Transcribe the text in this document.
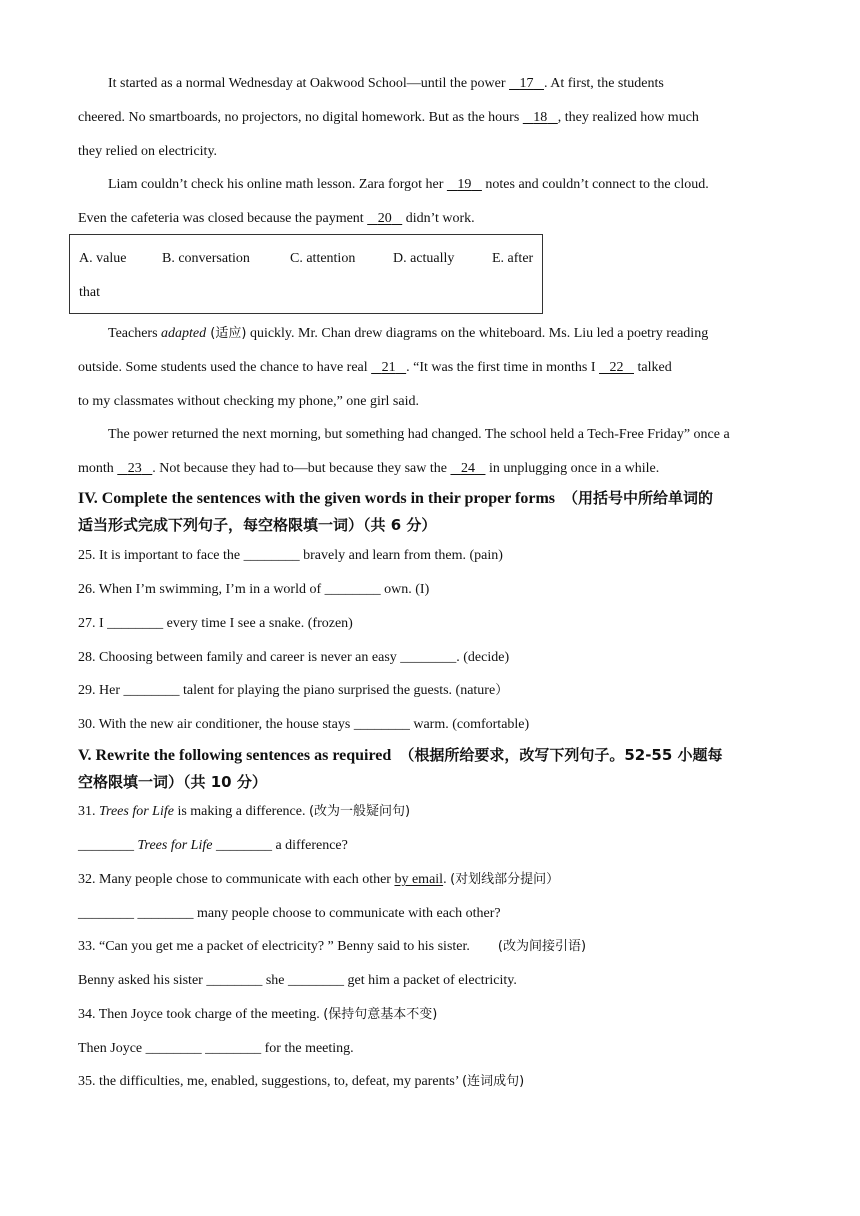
It started as a normal Wednesday at Oakwood School—until the power 17 . At first, the students
cheered. No smartboards, no projectors, no digital homework. But as the hours 18 , they realized how much
they relied on electricity.
Liam couldn’t check his online math lesson. Zara forgot her 19 notes and couldn’t connect to the cloud.
Even the cafeteria was closed because the payment 20 didn’t work.
A. value	B. conversation	C. attention	D. actually	E. after
that
Teachers adapted (适应) quickly. Mr. Chan drew diagrams on the whiteboard. Ms. Liu led a poetry reading
outside. Some students used the chance to have real 21 . “It was the first time in months I 22 talked
to my classmates without checking my phone,” one girl said.
The power returned the next morning, but something had changed. The school held a Tech-Free Friday” once a
month 23 . Not because they had to—but because they saw the 24 in unplugging once in a while.
IV. Complete the sentences with the given words in their proper forms （用括号中所给单词的
适当形式完成下列句子，每空格限填一词）（共 6 分）
25. It is important to face the ________ bravely and learn from them. (pain)
26. When I’m swimming, I’m in a world of ________ own. (I)
27. I ________ every time I see a snake. (frozen)
28. Choosing between family and career is never an easy ________. (decide)
29. Her ________ talent for playing the piano surprised the guests. (nature）
30. With the new air conditioner, the house stays ________ warm. (comfortable)
V. Rewrite the following sentences as required （根据所给要求，改写下列句子。52-55 小题每
空格限填一词）（共 10 分）
31. Trees for Life is making a difference. (改为一般疑问句)
________ Trees for Life ________ a difference?
32. Many people chose to communicate with each other by email. (对划线部分提问）
________ ________ many people choose to communicate with each other?
33. “Can you get me a packet of electricity? ” Benny said to his sister.        (改为间接引语)
Benny asked his sister ________ she ________ get him a packet of electricity.
34. Then Joyce took charge of the meeting. (保持句意基本不变)
Then Joyce ________ ________ for the meeting.
35. the difficulties, me, enabled, suggestions, to, defeat, my parents’ (连词成句)
